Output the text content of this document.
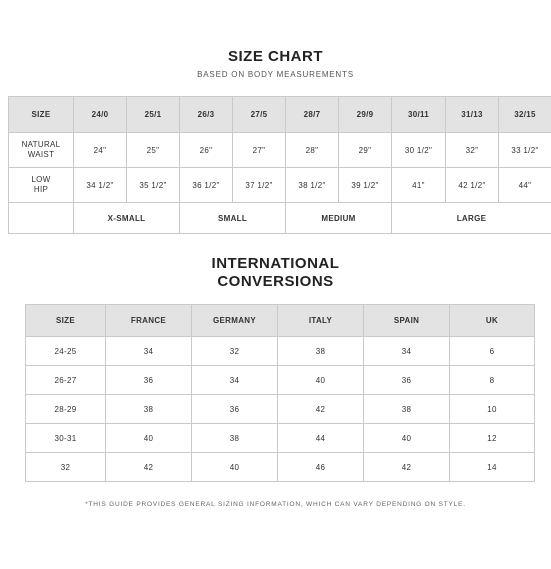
SIZE CHART
BASED ON BODY MEASUREMENTS
SIZE	24/0	25/1	26/3	27/5	28/7	29/9	30/11	31/13	32/15

NATURAL
WAIST	24"	25"	26"	27"	28"	29"	30 1/2"	32"	33 1/2"

LOW
HIP	34 1/2"	35 1/2"	36 1/2"	37 1/2"	38 1/2"	39 1/2"	41"	42 1/2"	44"
	X-SMALL		SMALL		MEDIUM		LARGE		
INTERNATIONAL
CONVERSIONS
SIZE	FRANCE	GERMANY	ITALY	SPAIN	UK
24-25	34	32	38	34	6
26-27	36	34	40	36	8
28-29	38	36	42	38	10
30-31	40	38	44	40	12
32	42	40	46	42	14
*THIS GUIDE PROVIDES GENERAL SIZING INFORMATION, WHICH CAN VARY DEPENDING ON STYLE.
